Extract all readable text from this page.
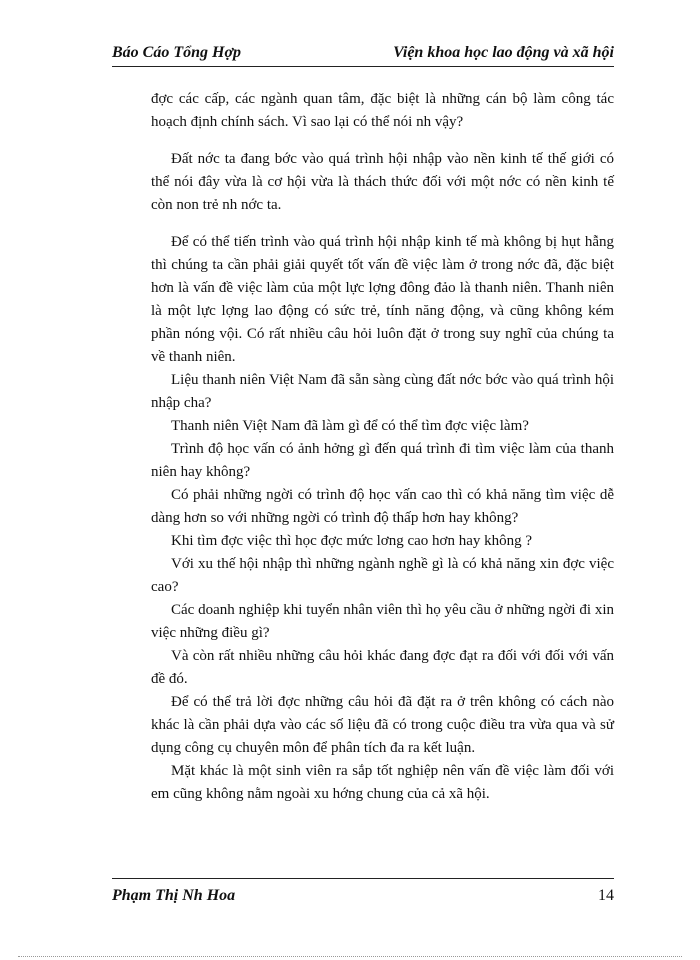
Báo Cáo Tổng Hợp	Viện khoa học lao động và xã hội

đợc các cấp, các ngành quan tâm, đặc biệt là những cán bộ làm công tác hoạch định chính sách. Vì sao lại có thể nói nh vậy?

Đất nớc ta đang bớc vào quá trình hội nhập vào nền kinh tế thế giới có thể nói đây vừa là cơ hội vừa là thách thức đối với một nớc có nền kinh tế còn non trẻ nh nớc ta.

Để có thể tiến trình vào quá trình hội nhập kinh tế mà không bị hụt hẫng thì chúng ta cần phải giải quyết tốt vấn đề việc làm ở trong nớc đã, đặc biệt hơn là vấn đề việc làm của một lực lợng đông đảo là thanh niên. Thanh niên là một lực lợng lao động có sức trẻ, tính năng động, và cũng không kém phần nóng vội. Có rất nhiều câu hỏi luôn đặt ở trong suy nghĩ của chúng ta về thanh niên.

Liệu thanh niên Việt Nam đã sẵn sàng cùng đất nớc bớc vào quá trình hội nhập cha?

Thanh niên Việt Nam đã làm gì để có thể tìm đợc việc làm?

Trình độ học vấn có ảnh hởng gì đến quá trình đi tìm việc làm của thanh niên hay không?

Có phải những ngời có trình độ học vấn cao thì có khả năng tìm việc dễ dàng hơn so với những ngời có trình độ thấp hơn hay không?

Khi tìm đợc việc thì học đợc mức lơng cao hơn hay không ?

Với xu thế hội nhập thì những ngành nghề gì là có khả năng xin đợc việc cao?

Các doanh nghiệp khi tuyển nhân viên thì họ yêu cầu ở những ngời đi xin việc những điều gì?

Và còn rất nhiều những câu hỏi khác đang đợc đạt ra đối với đối với vấn đề đó.

Để có thể trả lời đợc những câu hỏi đã đặt ra ở trên không có cách nào khác là cần phải dựa vào các số liệu đã có trong cuộc điều tra vừa qua và sử dụng công cụ chuyên môn để phân tích đa ra kết luận.

Mặt khác là một sinh viên ra sắp tốt nghiệp nên vấn đề việc làm đối với em cũng không nằm ngoài xu hớng chung của cả xã hội.

Phạm Thị Nh Hoa	14
